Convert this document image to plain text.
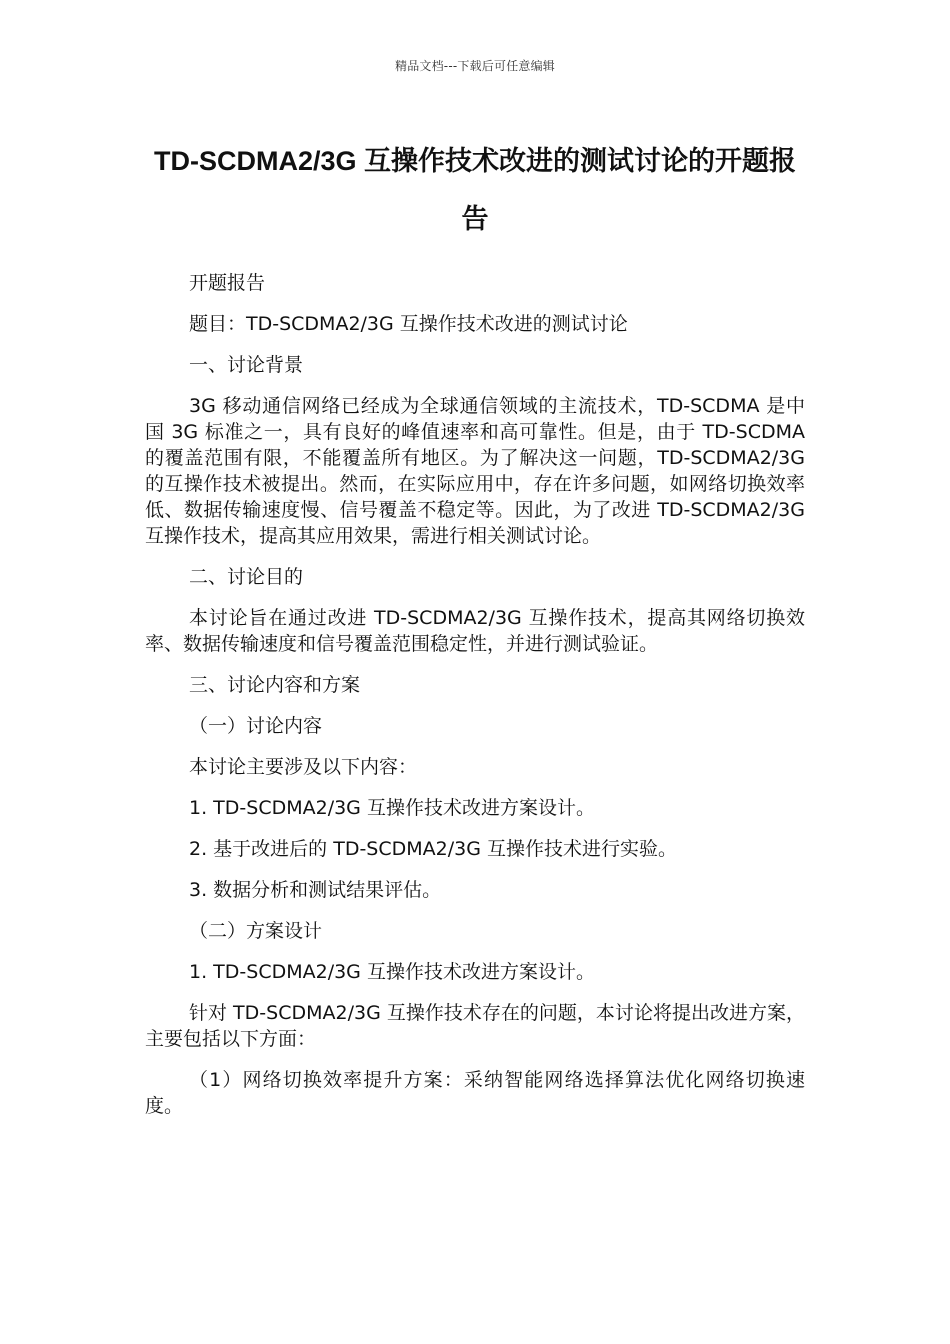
精品文档---下载后可任意编辑
TD-SCDMA2/3G 互操作技术改进的测试讨论的开题报告

开题报告

题目：TD-SCDMA2/3G 互操作技术改进的测试讨论

一、讨论背景

3G 移动通信网络已经成为全球通信领域的主流技术，TD-SCDMA 是中国 3G 标准之一，具有良好的峰值速率和高可靠性。但是，由于 TD-SCDMA 的覆盖范围有限，不能覆盖所有地区。为了解决这一问题，TD-SCDMA2/3G 的互操作技术被提出。然而，在实际应用中，存在许多问题，如网络切换效率低、数据传输速度慢、信号覆盖不稳定等。因此，为了改进 TD-SCDMA2/3G 互操作技术，提高其应用效果，需进行相关测试讨论。

二、讨论目的

本讨论旨在通过改进 TD-SCDMA2/3G 互操作技术，提高其网络切换效率、数据传输速度和信号覆盖范围稳定性，并进行测试验证。

三、讨论内容和方案

（一）讨论内容

本讨论主要涉及以下内容：

1. TD-SCDMA2/3G 互操作技术改进方案设计。

2. 基于改进后的 TD-SCDMA2/3G 互操作技术进行实验。

3. 数据分析和测试结果评估。

（二）方案设计

1. TD-SCDMA2/3G 互操作技术改进方案设计。

针对 TD-SCDMA2/3G 互操作技术存在的问题，本讨论将提出改进方案，主要包括以下方面：

（1）网络切换效率提升方案：采纳智能网络选择算法优化网络切换速度。
